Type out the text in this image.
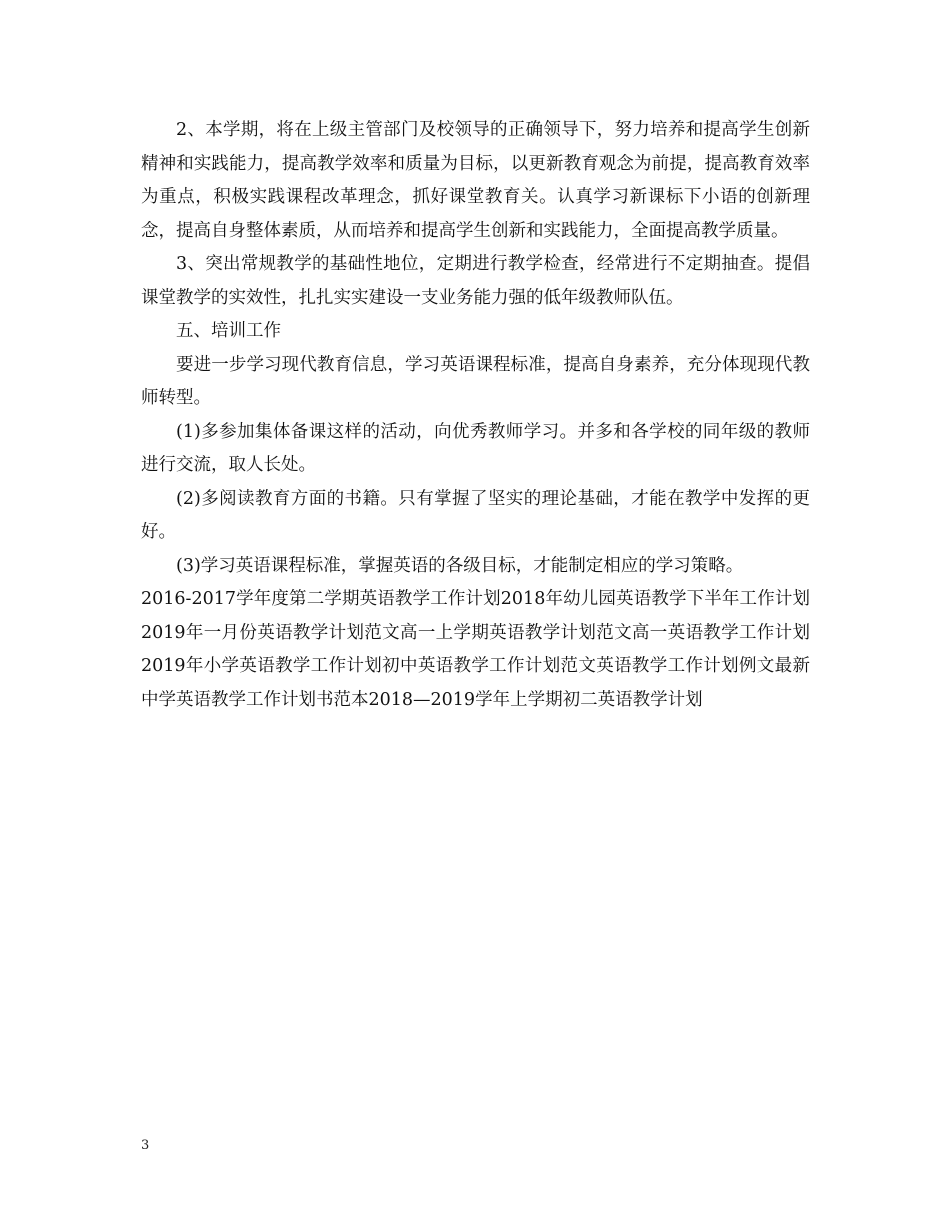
2、本学期，将在上级主管部门及校领导的正确领导下，努力培养和提高学生创新精神和实践能力，提高教学效率和质量为目标，以更新教育观念为前提，提高教育效率为重点，积极实践课程改革理念，抓好课堂教育关。认真学习新课标下小语的创新理念，提高自身整体素质，从而培养和提高学生创新和实践能力，全面提高教学质量。

3、突出常规教学的基础性地位，定期进行教学检查，经常进行不定期抽查。提倡课堂教学的实效性，扎扎实实建设一支业务能力强的低年级教师队伍。

五、培训工作

要进一步学习现代教育信息，学习英语课程标准，提高自身素养，充分体现现代教师转型。

(1)多参加集体备课这样的活动，向优秀教师学习。并多和各学校的同年级的教师进行交流，取人长处。

(2)多阅读教育方面的书籍。只有掌握了坚实的理论基础，才能在教学中发挥的更好。

(3)学习英语课程标准，掌握英语的各级目标，才能制定相应的学习策略。

2016-2017学年度第二学期英语教学工作计划2018年幼儿园英语教学下半年工作计划2019年一月份英语教学计划范文高一上学期英语教学计划范文高一英语教学工作计划2019年小学英语教学工作计划初中英语教学工作计划范文英语教学工作计划例文最新中学英语教学工作计划书范本2018—2019学年上学期初二英语教学计划

3
